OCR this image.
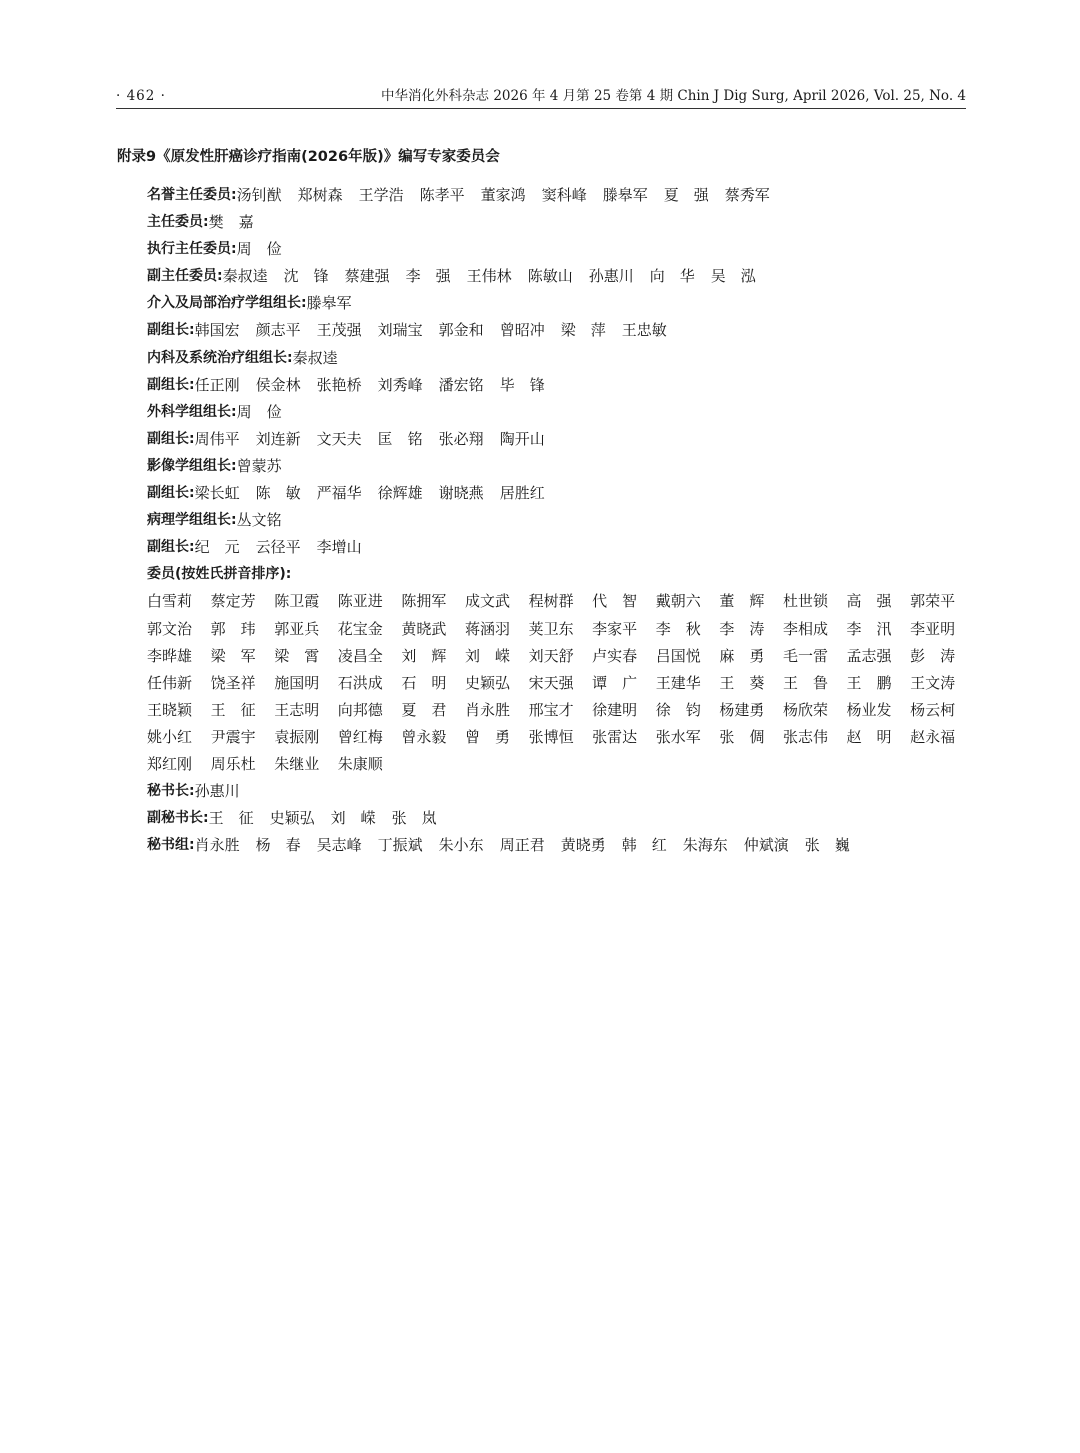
· 462 ·	中华消化外科杂志 2026 年 4 月第 25 卷第 4 期 Chin J Dig Surg, April 2026, Vol. 25, No. 4
附录9《原发性肝癌诊疗指南(2026年版)》编写专家委员会
名誉主任委员: 汤钊猷 郑树森 王学浩 陈孝平 董家鸿 窦科峰 滕皋军 夏　强 蔡秀军
主任委员: 樊　嘉
执行主任委员: 周　俭
副主任委员: 秦叔逵 沈　锋 蔡建强 李　强 王伟林 陈敏山 孙惠川 向　华 吴　泓
介入及局部治疗学组组长: 滕皋军
副组长: 韩国宏 颜志平 王茂强 刘瑞宝 郭金和 曾昭冲 梁　萍 王忠敏
内科及系统治疗组组长: 秦叔逵
副组长: 任正刚 侯金林 张艳桥 刘秀峰 潘宏铭 毕　锋
外科学组组长: 周　俭
副组长: 周伟平 刘连新 文天夫 匡　铭 张必翔 陶开山
影像学组组长: 曾蒙苏
副组长: 梁长虹 陈　敏 严福华 徐辉雄 谢晓燕 居胜红
病理学组组长: 丛文铭
副组长: 纪　元 云径平 李增山
委员(按姓氏拼音排序):
白雪莉	蔡定芳	陈卫霞	陈亚进	陈拥军	成文武	程树群	代　智	戴朝六	董　辉	杜世锁	高　强	郭荣平
郭文治	郭　玮	郭亚兵	花宝金	黄晓武	蒋涵羽	荚卫东	李家平	李　秋	李　涛	李相成	李　汛	李亚明
李晔雄	梁　军	梁　霄	凌昌全	刘　辉	刘　嵘	刘天舒	卢实春	吕国悦	麻　勇	毛一雷	孟志强	彭　涛
任伟新	饶圣祥	施国明	石洪成	石　明	史颖弘	宋天强	谭　广	王建华	王　葵	王　鲁	王　鹏	王文涛
王晓颖	王　征	王志明	向邦德	夏　君	肖永胜	邢宝才	徐建明	徐　钧	杨建勇	杨欣荣	杨业发	杨云柯
姚小红	尹震宇	袁振刚	曾红梅	曾永毅	曾　勇	张博恒	张雷达	张水军	张　倜	张志伟	赵　明	赵永福
郑红刚	周乐杜	朱继业	朱康顺
秘书长: 孙惠川
副秘书长: 王　征 史颖弘 刘　嵘 张　岚
秘书组: 肖永胜 杨　春 吴志峰 丁振斌 朱小东 周正君 黄晓勇 韩　红 朱海东 仲斌演 张　巍
